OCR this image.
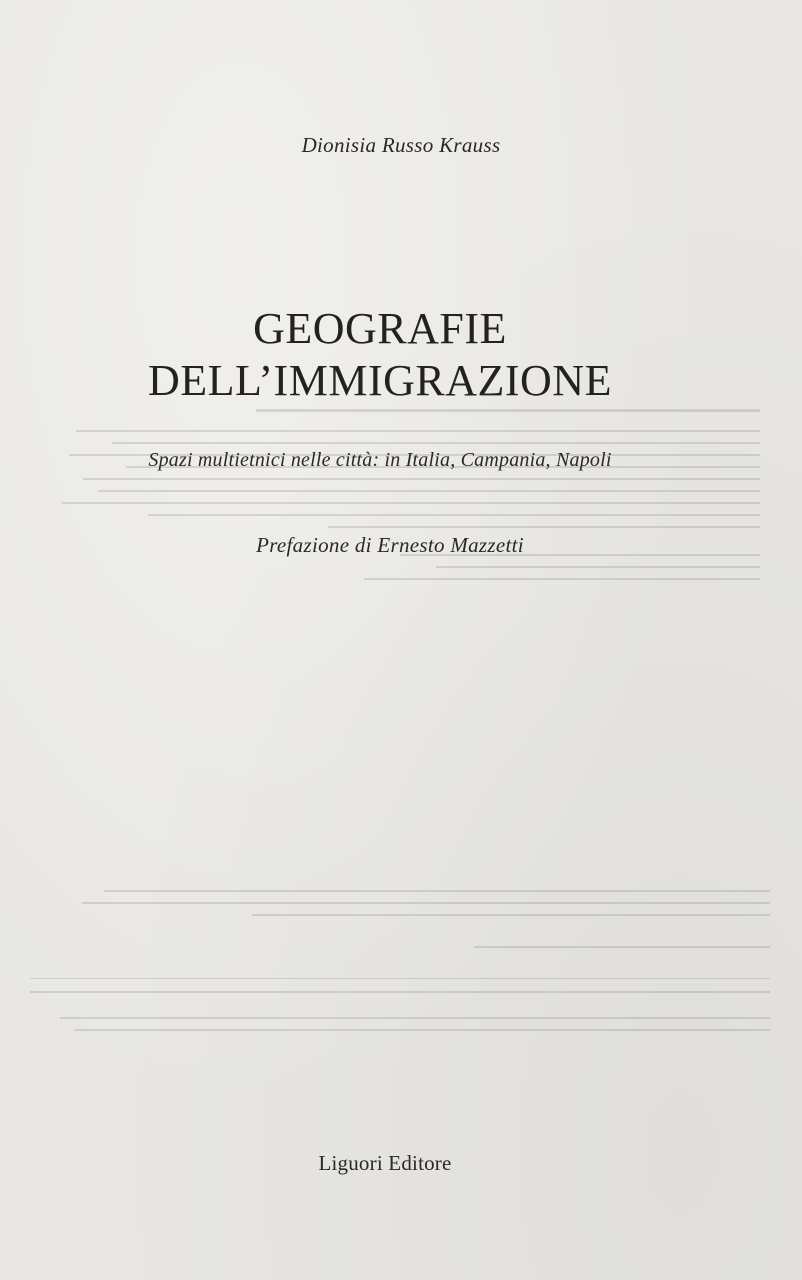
Dionisia Russo Krauss
GEOGRAFIE
DELL’IMMIGRAZIONE
Spazi multietnici nelle città: in Italia, Campania, Napoli
Prefazione di Ernesto Mazzetti
Liguori Editore
